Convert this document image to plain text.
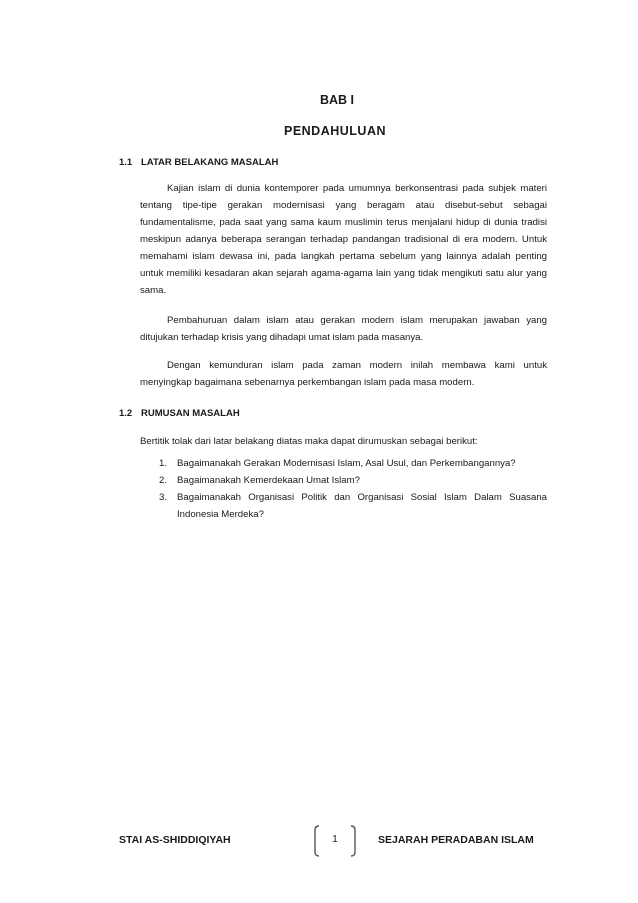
BAB I
PENDAHULUAN
1.1 LATAR BELAKANG MASALAH

Kajian islam di dunia kontemporer pada umumnya berkonsentrasi pada subjek materi tentang tipe-tipe gerakan modernisasi yang beragam atau disebut-sebut sebagai fundamentalisme, pada saat yang sama kaum muslimin terus menjalani hidup di dunia tradisi meskipun adanya beberapa serangan terhadap pandangan tradisional di era modern. Untuk memahami islam dewasa ini, pada langkah pertama sebelum yang lainnya adalah penting untuk memiliki kesadaran akan sejarah agama-agama lain yang tidak mengikuti satu alur yang sama.

Pembahuruan dalam islam atau gerakan modern islam merupakan jawaban yang ditujukan terhadap krisis yang dihadapi umat islam pada masanya.

Dengan kemunduran islam pada zaman modern inilah membawa kami untuk menyingkap bagaimana sebenarnya perkembangan islam pada masa modern.

1.2 RUMUSAN MASALAH
Bertitik tolak dari latar belakang diatas maka dapat dirumuskan sebagai berikut:
1. Bagaimanakah Gerakan Modernisasi Islam, Asal Usul, dan Perkembangannya?
2. Bagaimanakah Kemerdekaan Umat Islam?
3. Bagaimanakah Organisasi Politik dan Organisasi Sosial Islam Dalam Suasana Indonesia Merdeka?
STAI AS-SHIDDIQIYAH	1	SEJARAH PERADABAN ISLAM
